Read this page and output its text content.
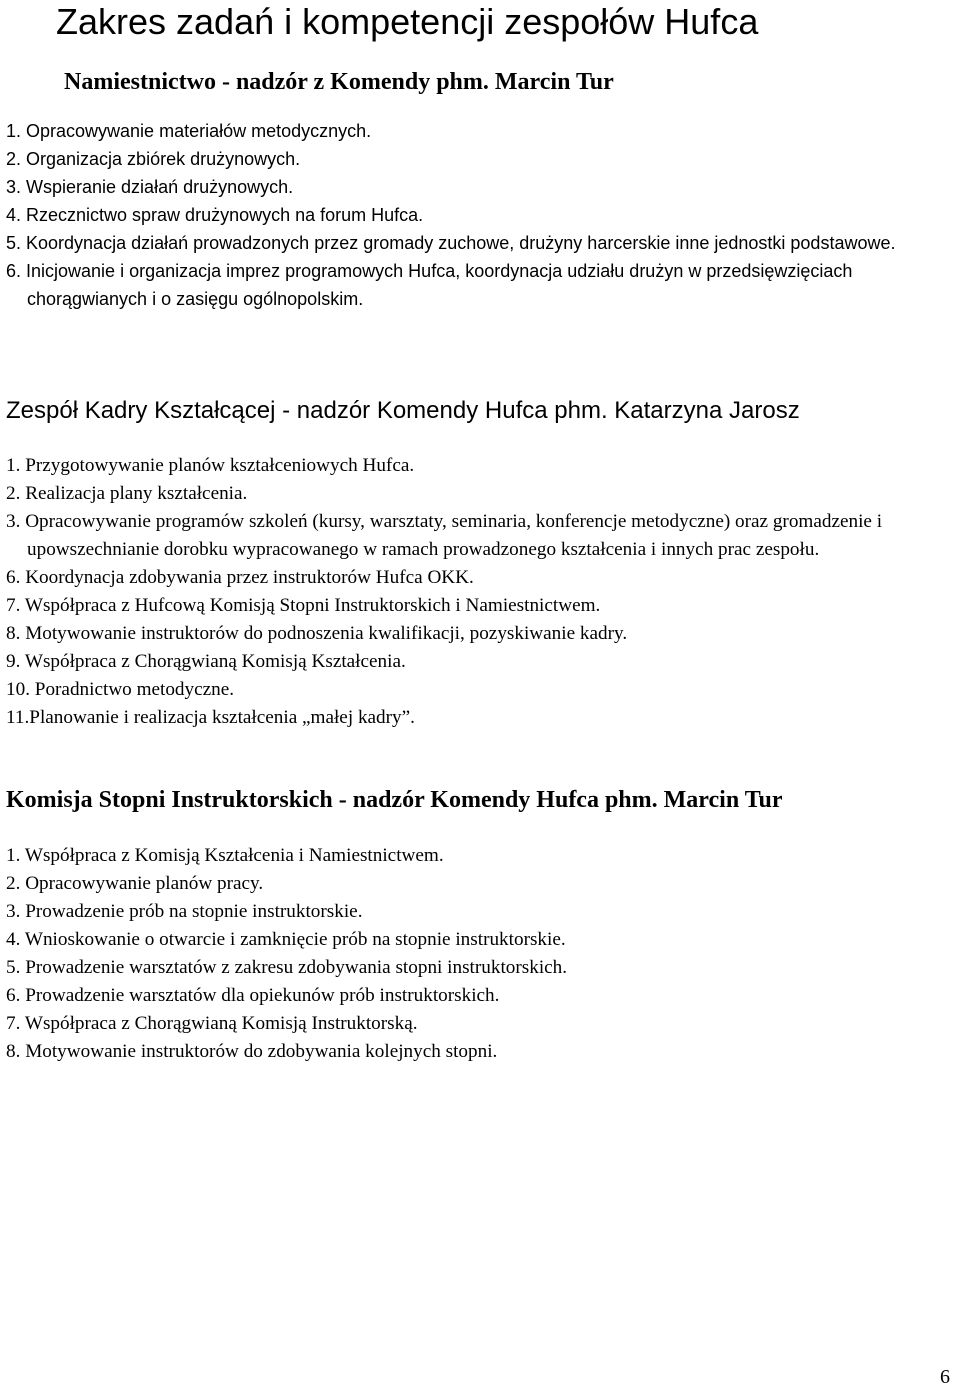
Zakres zadań i kompetencji zespołów Hufca
Namiestnictwo - nadzór z Komendy phm. Marcin Tur
1. Opracowywanie materiałów metodycznych.
2. Organizacja zbiórek drużynowych.
3. Wspieranie działań drużynowych.
4. Rzecznictwo spraw drużynowych na forum Hufca.
5. Koordynacja działań prowadzonych przez gromady zuchowe, drużyny harcerskie inne jednostki podstawowe.
6. Inicjowanie i organizacja imprez programowych Hufca, koordynacja udziału drużyn w przedsięwzięciach chorągwianych i o zasięgu ogólnopolskim.
Zespół Kadry Kształcącej - nadzór Komendy Hufca phm. Katarzyna Jarosz
1. Przygotowywanie planów kształceniowych Hufca.
2. Realizacja plany kształcenia.
3. Opracowywanie programów szkoleń (kursy, warsztaty, seminaria, konferencje metodyczne) oraz gromadzenie i upowszechnianie dorobku wypracowanego w ramach prowadzonego kształcenia i innych prac zespołu.
6. Koordynacja zdobywania przez instruktorów Hufca OKK.
7. Współpraca z Hufcową Komisją Stopni Instruktorskich i Namiestnictwem.
8. Motywowanie instruktorów do podnoszenia kwalifikacji, pozyskiwanie kadry.
9. Współpraca z Chorągwianą Komisją Kształcenia.
10. Poradnictwo metodyczne.
11.Planowanie i realizacja kształcenia „małej kadry”.
Komisja Stopni Instruktorskich - nadzór Komendy Hufca phm. Marcin Tur
1. Współpraca z Komisją Kształcenia i Namiestnictwem.
2. Opracowywanie planów pracy.
3. Prowadzenie prób na stopnie instruktorskie.
4. Wnioskowanie o otwarcie i zamknięcie prób na stopnie instruktorskie.
5. Prowadzenie warsztatów z zakresu zdobywania stopni instruktorskich.
6. Prowadzenie warsztatów dla opiekunów prób instruktorskich.
7. Współpraca z Chorągwianą Komisją Instruktorską.
8. Motywowanie instruktorów do zdobywania kolejnych stopni.
6
